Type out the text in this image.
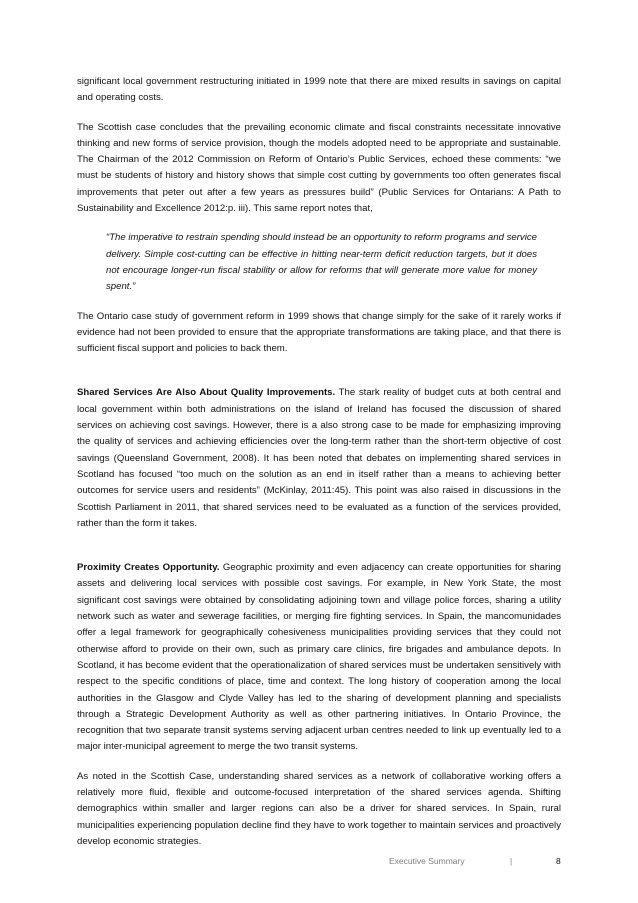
significant local government restructuring initiated in 1999 note that there are mixed results in savings on capital and operating costs.

The Scottish case concludes that the prevailing economic climate and fiscal constraints necessitate innovative thinking and new forms of service provision, though the models adopted need to be appropriate and sustainable. The Chairman of the 2012 Commission on Reform of Ontario’s Public Services, echoed these comments: “we must be students of history and history shows that simple cost cutting by governments too often generates fiscal improvements that peter out after a few years as pressures build” (Public Services for Ontarians: A Path to Sustainability and Excellence 2012:p. iii). This same report notes that,

“The imperative to restrain spending should instead be an opportunity to reform programs and service delivery. Simple cost-cutting can be effective in hitting near-term deficit reduction targets, but it does not encourage longer-run fiscal stability or allow for reforms that will generate more value for money spent.”

The Ontario case study of government reform in 1999 shows that change simply for the sake of it rarely works if evidence had not been provided to ensure that the appropriate transformations are taking place, and that there is sufficient fiscal support and policies to back them.

Shared Services Are Also About Quality Improvements. The stark reality of budget cuts at both central and local government within both administrations on the island of Ireland has focused the discussion of shared services on achieving cost savings. However, there is a also strong case to be made for emphasizing improving the quality of services and achieving efficiencies over the long-term rather than the short-term objective of cost savings (Queensland Government, 2008). It has been noted that debates on implementing shared services in Scotland has focused “too much on the solution as an end in itself rather than a means to achieving better outcomes for service users and residents” (McKinlay, 2011:45). This point was also raised in discussions in the Scottish Parliament in 2011, that shared services need to be evaluated as a function of the services provided, rather than the form it takes.

Proximity Creates Opportunity. Geographic proximity and even adjacency can create opportunities for sharing assets and delivering local services with possible cost savings. For example, in New York State, the most significant cost savings were obtained by consolidating adjoining town and village police forces, sharing a utility network such as water and sewerage facilities, or merging fire fighting services. In Spain, the mancomunidades offer a legal framework for geographically cohesiveness municipalities providing services that they could not otherwise afford to provide on their own, such as primary care clinics, fire brigades and ambulance depots. In Scotland, it has become evident that the operationalization of shared services must be undertaken sensitively with respect to the specific conditions of place, time and context. The long history of cooperation among the local authorities in the Glasgow and Clyde Valley has led to the sharing of development planning and specialists through a Strategic Development Authority as well as other partnering initiatives. In Ontario Province, the recognition that two separate transit systems serving adjacent urban centres needed to link up eventually led to a major inter-municipal agreement to merge the two transit systems.

As noted in the Scottish Case, understanding shared services as a network of collaborative working offers a relatively more fluid, flexible and outcome-focused interpretation of the shared services agenda. Shifting demographics within smaller and larger regions can also be a driver for shared services. In Spain, rural municipalities experiencing population decline find they have to work together to maintain services and proactively develop economic strategies.

Executive Summary	|	8
